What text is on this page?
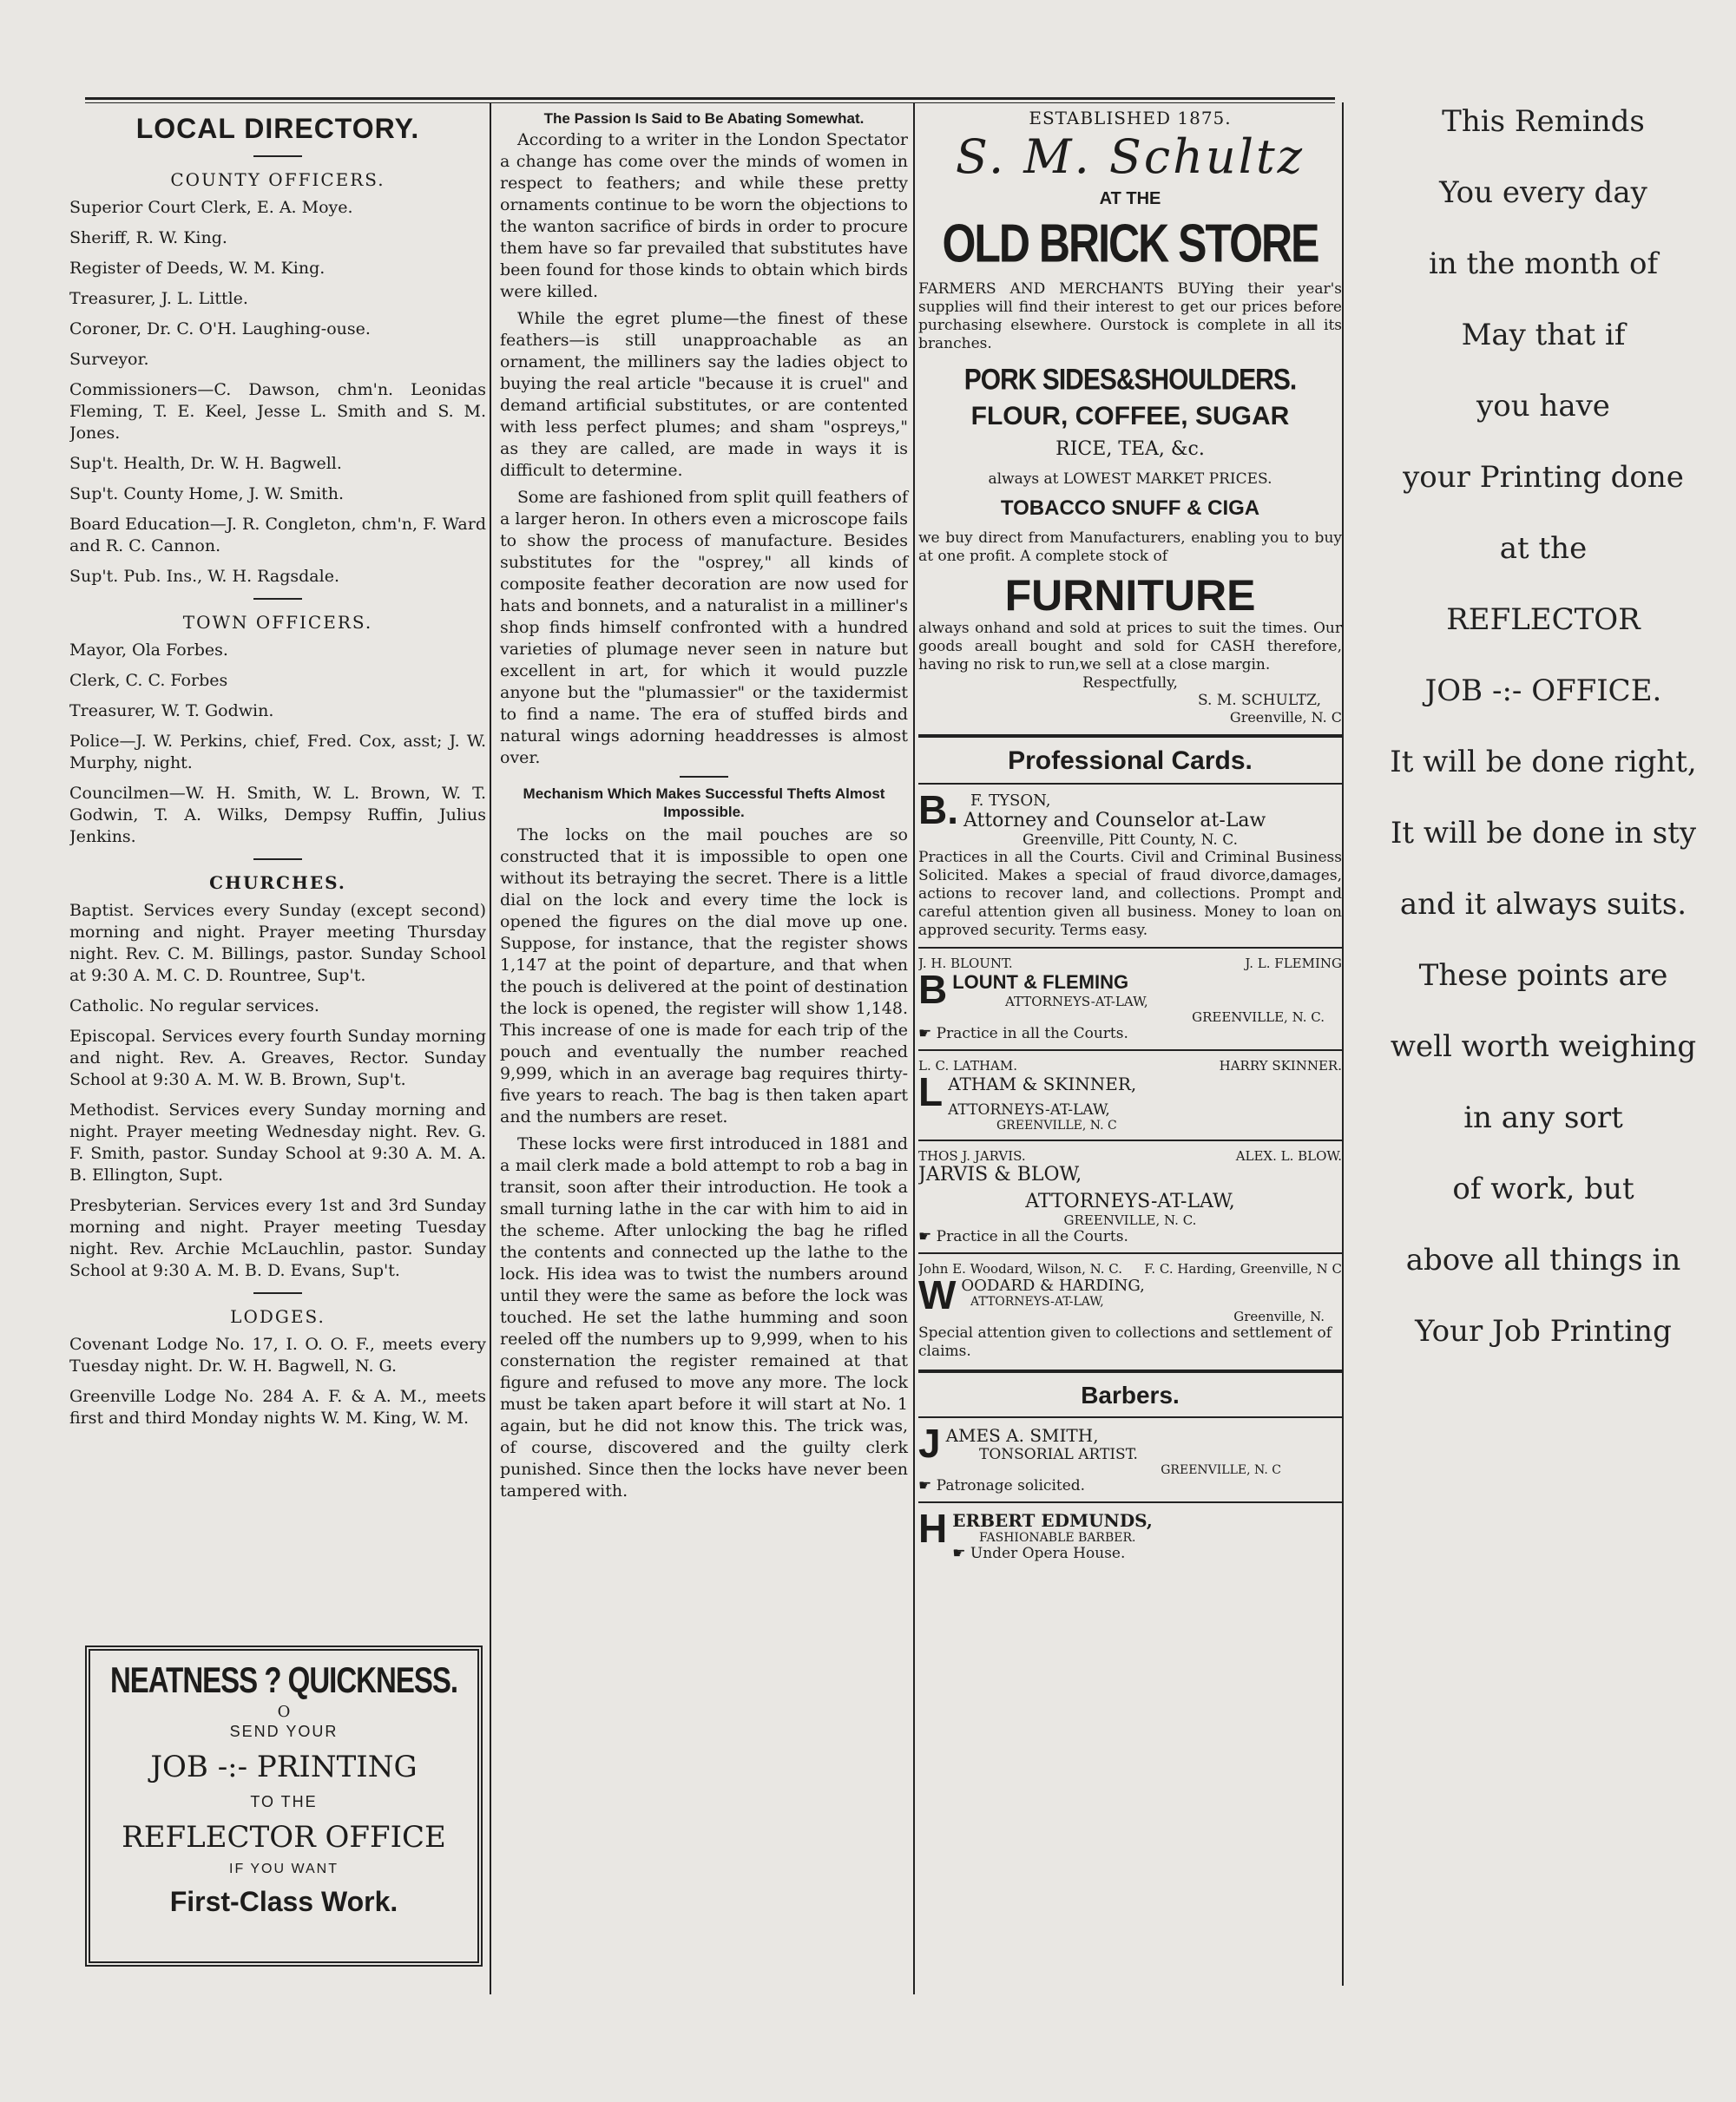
LOCAL DIRECTORY.
COUNTY OFFICERS.

Superior Court Clerk, E. A. Moye.

Sheriff, R. W. King.

Register of Deeds, W. M. King.

Treasurer, J. L. Little.

Coroner, Dr. C. O'H. Laughing-ouse.

Surveyor.

Commissioners—C. Dawson, chm'n. Leonidas Fleming, T. E. Keel, Jesse L. Smith and S. M. Jones.

Sup't. Health, Dr. W. H. Bagwell.

Sup't. County Home, J. W. Smith.

Board Education—J. R. Congleton, chm'n, F. Ward and R. C. Cannon.

Sup't. Pub. Ins., W. H. Ragsdale.

TOWN OFFICERS.

Mayor, Ola Forbes.

Clerk, C. C. Forbes

Treasurer, W. T. Godwin.

Police—J. W. Perkins, chief, Fred. Cox, asst; J. W. Murphy, night.

Councilmen—W. H. Smith, W. L. Brown, W. T. Godwin, T. A. Wilks, Dempsy Ruffin, Julius Jenkins.

CHURCHES.

Baptist. Services every Sunday (except second) morning and night. Prayer meeting Thursday night. Rev. C. M. Billings, pastor. Sunday School at 9:30 A. M. C. D. Rountree, Sup't.

Catholic. No regular services.

Episcopal. Services every fourth Sunday morning and night. Rev. A. Greaves, Rector. Sunday School at 9:30 A. M. W. B. Brown, Sup't.

Methodist. Services every Sunday morning and night. Prayer meeting Wednesday night. Rev. G. F. Smith, pastor. Sunday School at 9:30 A. M. A. B. Ellington, Supt.

Presbyterian. Services every 1st and 3rd Sunday morning and night. Prayer meeting Tuesday night. Rev. Archie McLauchlin, pastor. Sunday School at 9:30 A. M. B. D. Evans, Sup't.

LODGES.

Covenant Lodge No. 17, I. O. O. F., meets every Tuesday night. Dr. W. H. Bagwell, N. G.

Greenville Lodge No. 284 A. F. & A. M., meets first and third Monday nights W. M. King, W. M.

NEATNESS ? QUICKNESS.
O
SEND YOUR
JOB -:- PRINTING
TO THE
REFLECTOR OFFICE
IF YOU WANT
First-Class Work.
The Passion Is Said to Be Abating Somewhat.

According to a writer in the London Spectator a change has come over the minds of women in respect to feathers; and while these pretty ornaments continue to be worn the objections to the wanton sacrifice of birds in order to procure them have so far prevailed that substitutes have been found for those kinds to obtain which birds were killed.

While the egret plume—the finest of these feathers—is still unapproachable as an ornament, the milliners say the ladies object to buying the real article "because it is cruel" and demand artificial substitutes, or are contented with less perfect plumes; and sham "ospreys," as they are called, are made in ways it is difficult to determine.

Some are fashioned from split quill feathers of a larger heron. In others even a microscope fails to show the process of manufacture. Besides substitutes for the "osprey," all kinds of composite feather decoration are now used for hats and bonnets, and a naturalist in a milliner's shop finds himself confronted with a hundred varieties of plumage never seen in nature but excellent in art, for which it would puzzle anyone but the "plumassier" or the taxidermist to find a name. The era of stuffed birds and natural wings adorning headdresses is almost over.

Mechanism Which Makes Successful Thefts Almost Impossible.

The locks on the mail pouches are so constructed that it is impossible to open one without its betraying the secret. There is a little dial on the lock and every time the lock is opened the figures on the dial move up one. Suppose, for instance, that the register shows 1,147 at the point of departure, and that when the pouch is delivered at the point of destination the lock is opened, the register will show 1,148. This increase of one is made for each trip of the pouch and eventually the number reached 9,999, which in an average bag requires thirty-five years to reach. The bag is then taken apart and the numbers are reset.

These locks were first introduced in 1881 and a mail clerk made a bold attempt to rob a bag in transit, soon after their introduction. He took a small turning lathe in the car with him to aid in the scheme. After unlocking the bag he rifled the contents and connected up the lathe to the lock. His idea was to twist the numbers around until they were the same as before the lock was touched. He set the lathe humming and soon reeled off the numbers up to 9,999, when to his consternation the register remained at that figure and refused to move any more. The lock must be taken apart before it will start at No. 1 again, but he did not know this. The trick was, of course, discovered and the guilty clerk punished. Since then the locks have never been tampered with.

ESTABLISHED 1875.
S. M. Schultz
AT THE
OLD BRICK STORE

FARMERS AND MERCHANTS BUYing their year's supplies will find their interest to get our prices before purchasing elsewhere. Ourstock is complete in all its branches.

PORK SIDES&SHOULDERS.
FLOUR, COFFEE, SUGAR
RICE, TEA, &c.
always at LOWEST MARKET PRICES.
TOBACCO SNUFF & CIGA

we buy direct from Manufacturers, enabling you to buy at one profit. A complete stock of

FURNITURE

always onhand and sold at prices to suit the times. Our goods areall bought and sold for CASH therefore, having no risk to run,we sell at a close margin.

Respectfully,
S. M. SCHULTZ,
Greenville, N. C
Professional Cards.
B. F. TYSON,
Attorney and Counselor at-Law
Greenville, Pitt County, N. C.

Practices in all the Courts. Civil and Criminal Business Solicited. Makes a special of fraud divorce,damages, actions to recover land, and collections. Prompt and careful attention given all business. Money to loan on approved security. Terms easy.

J. H. BLOUNT.	J. L. FLEMING
B LOUNT & FLEMING
ATTORNEYS-AT-LAW,
GREENVILLE, N. C.
☛ Practice in all the Courts.
L. C. LATHAM.	HARRY SKINNER.
L ATHAM & SKINNER,
ATTORNEYS-AT-LAW,
GREENVILLE, N. C
THOS J. JARVIS.	ALEX. L. BLOW.
JARVIS & BLOW,
ATTORNEYS-AT-LAW,
GREENVILLE, N. C.
☛ Practice in all the Courts.
John E. Woodard, Wilson, N. C. F. C. Harding, Greenville, N C
W OODARD & HARDING,
ATTORNEYS-AT-LAW,
Greenville, N.

Special attention given to collections and settlement of claims.

Barbers.
J AMES A. SMITH,
TONSORIAL ARTIST.
GREENVILLE, N. C
☛ Patronage solicited.
H ERBERT EDMUNDS,
FASHIONABLE BARBER.
☛ Under Opera House.

This Reminds

You every day

in the month of

May that if

you have

your Printing done

at the

REFLECTOR

JOB -:- OFFICE.

It will be done right,

It will be done in sty

and it always suits.

These points are

well worth weighing

in any sort

of work, but

above all things in

Your Job Printing
